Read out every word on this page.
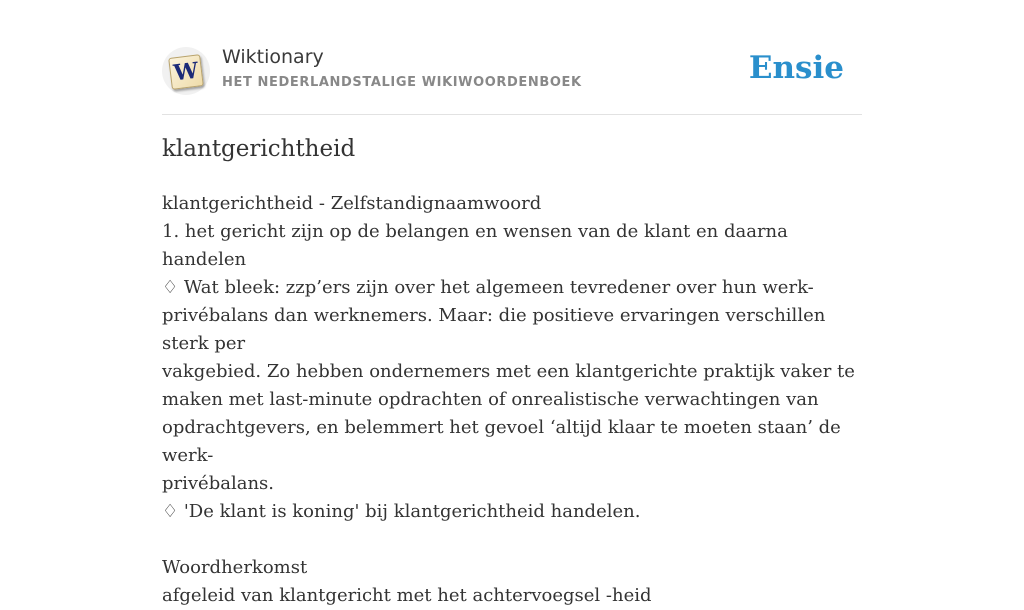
W
Wiktionary
HET NEDERLANDSTALIGE WIKIWOORDENBOEK	Ensie
klantgerichtheid
klantgerichtheid - Zelfstandignaamwoord
1. het gericht zijn op de belangen en wensen van de klant en daarna handelen
♢ Wat bleek: zzp’ers zijn over het algemeen tevredener over hun werk-
privébalans dan werknemers. Maar: die positieve ervaringen verschillen sterk per
vakgebied. Zo hebben ondernemers met een klantgerichte praktijk vaker te
maken met last-minute opdrachten of onrealistische verwachtingen van
opdrachtgevers, en belemmert het gevoel ‘altijd klaar te moeten staan’ de werk-
privébalans.
♢ 'De klant is koning' bij klantgerichtheid handelen.
Woordherkomst
afgeleid van klantgericht met het achtervoegsel -heid
